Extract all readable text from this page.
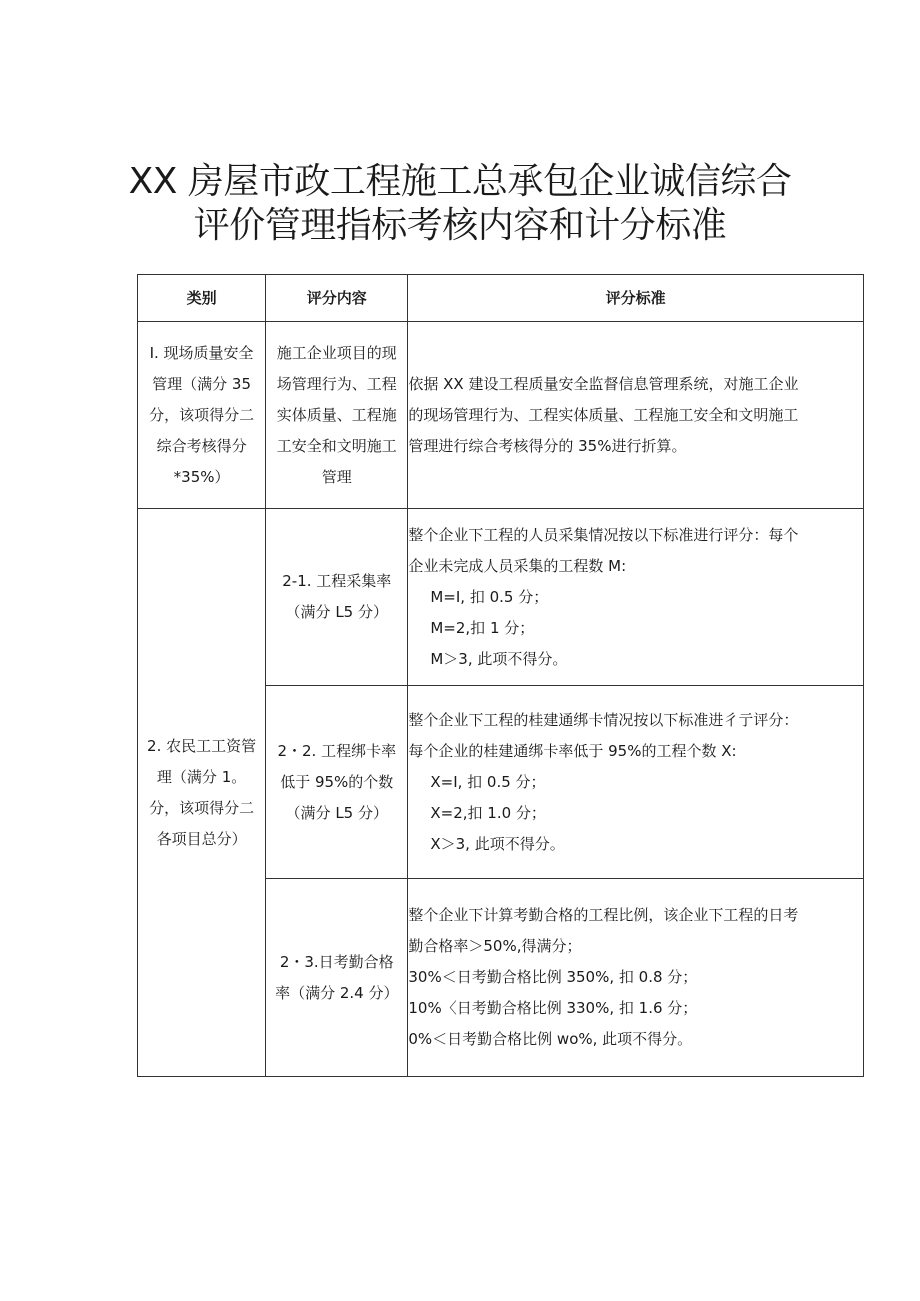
XX 房屋市政工程施工总承包企业诚信综合
评价管理指标考核内容和计分标准
类别	评分内容	评分标准

I. 现场质量安全
管理（满分 35
分，该项得分二
综合考核得分
*35%）	施工企业项目的现
场管理行为、工程
实体质量、工程施
工安全和文明施工
管理	依据 XX 建设工程质量安全监督信息管理系统，对施工企业
的现场管理行为、工程实体质量、工程施工安全和文明施工
管理进行综合考核得分的 35%进行折算。

2. 农民工工资管
理（满分 1。
分，该项得分二
各项目总分）	2-1. 工程采集率
（满分 L5 分）	整个企业下工程的人员采集情况按以下标准进行评分：每个
企业未完成人员采集的工程数 M:
M=I, 扣 0.5 分；
M=2,扣 1 分；
M＞3, 此项不得分。

	2・2. 工程绑卡率
低于 95%的个数
（满分 L5 分）	整个企业下工程的桂建通绑卡情况按以下标准进彳亍评分：
每个企业的桂建通绑卡率低于 95%的工程个数 X:
X=I, 扣 0.5 分；
X=2,扣 1.0 分；
X＞3, 此项不得分。

	2・3.日考勤合格
率（满分 2.4 分）	整个企业下计算考勤合格的工程比例，该企业下工程的日考
勤合格率＞50%,得满分；
30%＜日考勤合格比例 350%, 扣 0.8 分；
10%〈日考勤合格比例 330%, 扣 1.6 分；
0%＜日考勤合格比例 wo%, 此项不得分。
